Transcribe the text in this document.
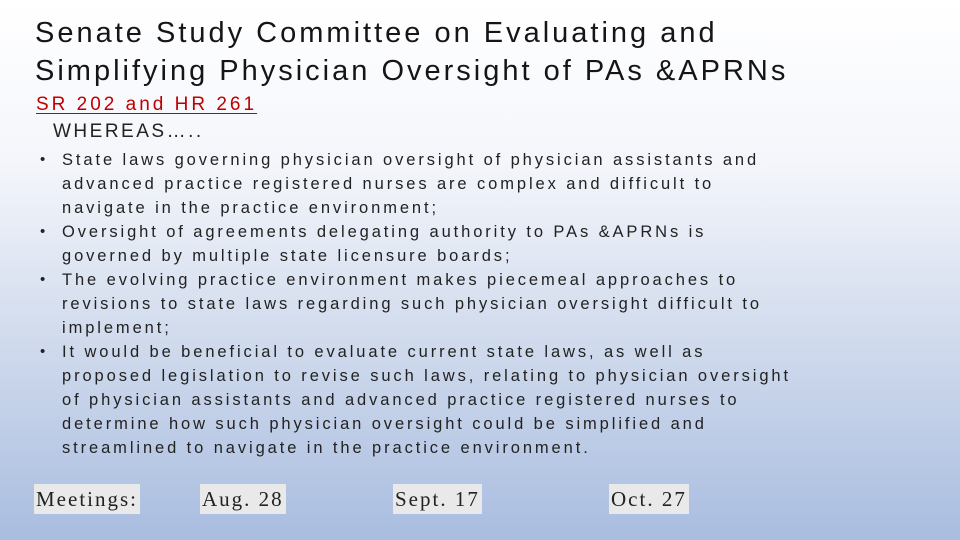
Senate Study Committee on Evaluating and
Simplifying Physician Oversight of PAs &APRNs
SR 202 and HR 261
WHEREAS…..
• State laws governing physician oversight of physician assistants and
advanced practice registered nurses are complex and difficult to
navigate in the practice environment;
• Oversight of agreements delegating authority to PAs &APRNs is
governed by multiple state licensure boards;
• The evolving practice environment makes piecemeal approaches to
revisions to state laws regarding such physician oversight difficult to
implement;
• It would be beneficial to evaluate current state laws, as well as
proposed legislation to revise such laws, relating to physician oversight
of physician assistants and advanced practice registered nurses to
determine how such physician oversight could be simplified and
streamlined to navigate in the practice environment.
Meetings:	Aug. 28	Sept. 17	Oct. 27
